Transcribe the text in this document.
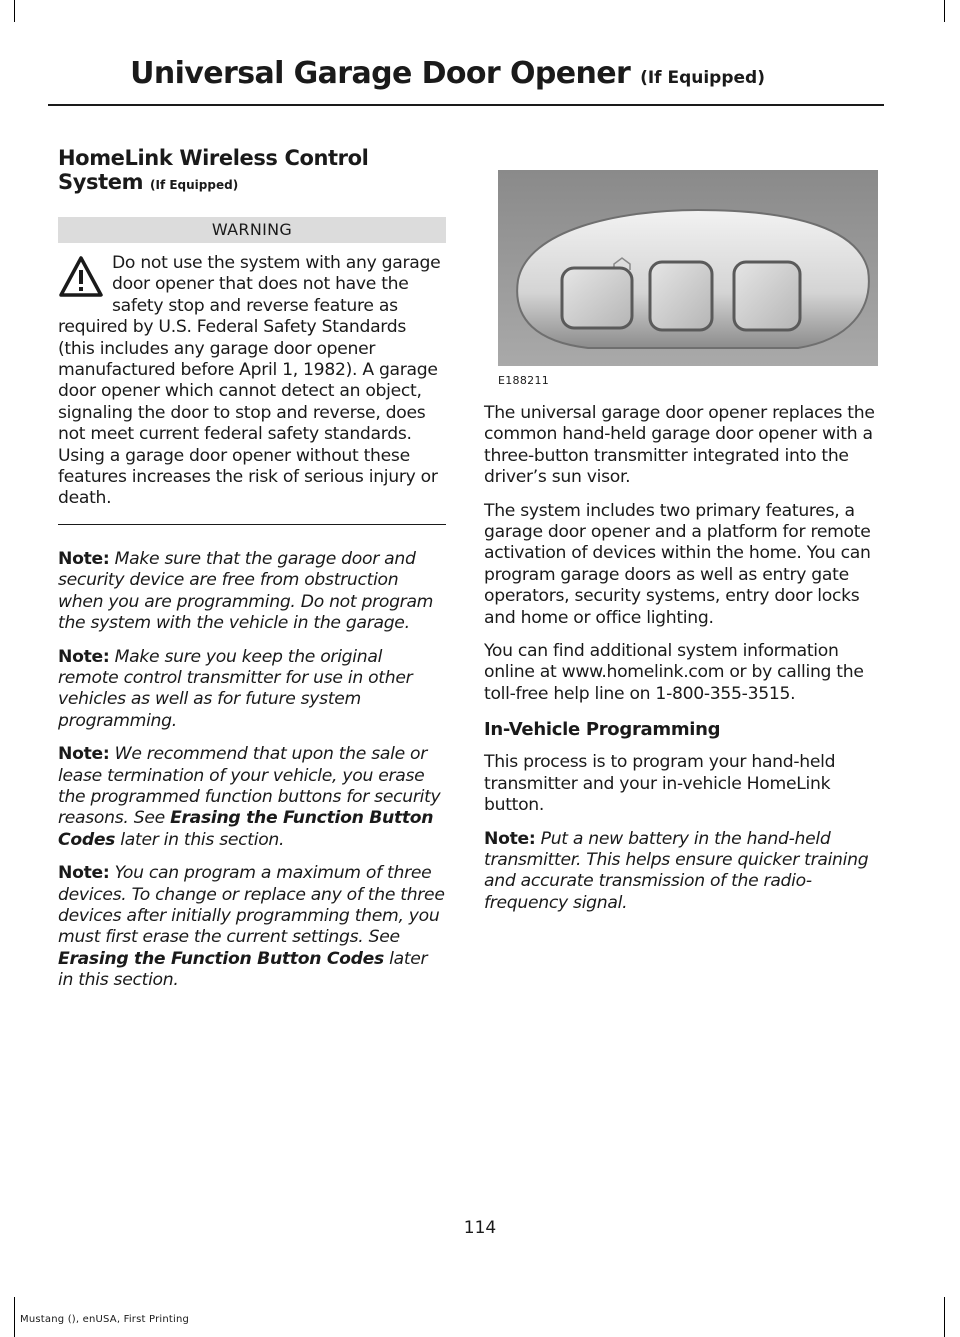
Universal Garage Door Opener (If Equipped)
HomeLink Wireless Control
System (If Equipped)
WARNING

Do not use the system with any garage door opener that does not have the safety stop and reverse feature as required by U.S. Federal Safety Standards (this includes any garage door opener manufactured before April 1, 1982). A garage door opener which cannot detect an object, signaling the door to stop and reverse, does not meet current federal safety standards. Using a garage door opener without these features increases the risk of serious injury or death.

Note: Make sure that the garage door and security device are free from obstruction when you are programming. Do not program the system with the vehicle in the garage.

Note: Make sure you keep the original remote control transmitter for use in other vehicles as well as for future system programming.

Note: We recommend that upon the sale or lease termination of your vehicle, you erase the programmed function buttons for security reasons. See Erasing the Function Button Codes later in this section.

Note: You can program a maximum of three devices. To change or replace any of the three devices after initially programming them, you must first erase the current settings. See Erasing the Function Button Codes later in this section.

E188211

The universal garage door opener replaces the common hand-held garage door opener with a three-button transmitter integrated into the driver’s sun visor.

The system includes two primary features, a garage door opener and a platform for remote activation of devices within the home. You can program garage doors as well as entry gate operators, security systems, entry door locks and home or office lighting.

You can find additional system information online at www.homelink.com or by calling the toll-free help line on 1-800-355-3515.

In-Vehicle Programming

This process is to program your hand-held transmitter and your in-vehicle HomeLink button.

Note: Put a new battery in the hand-held transmitter. This helps ensure quicker training and accurate transmission of the radio-frequency signal.

114
Mustang (), enUSA, First Printing
